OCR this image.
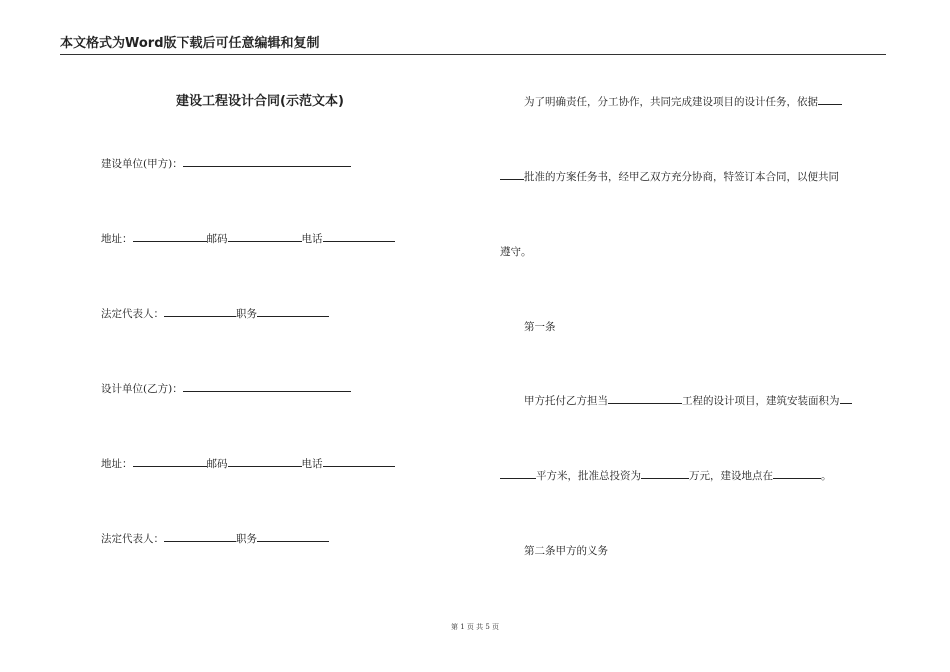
本文格式为Word版下载后可任意编辑和复制
建设工程设计合同(示范文本)
建设单位(甲方)：
地址：	邮码	电话
法定代表人：	职务
设计单位(乙方)：
地址：	邮码	电话
法定代表人：	职务
为了明确责任，分工协作，共同完成建设项目的设计任务，依据
批准的方案任务书，经甲乙双方充分协商，特签订本合同，以便共同
遵守。
第一条
甲方托付乙方担当	工程的设计项目，建筑安装面积为
平方米，批准总投资为	万元，建设地点在	。
第二条甲方的义务
第 1 页 共 5 页
